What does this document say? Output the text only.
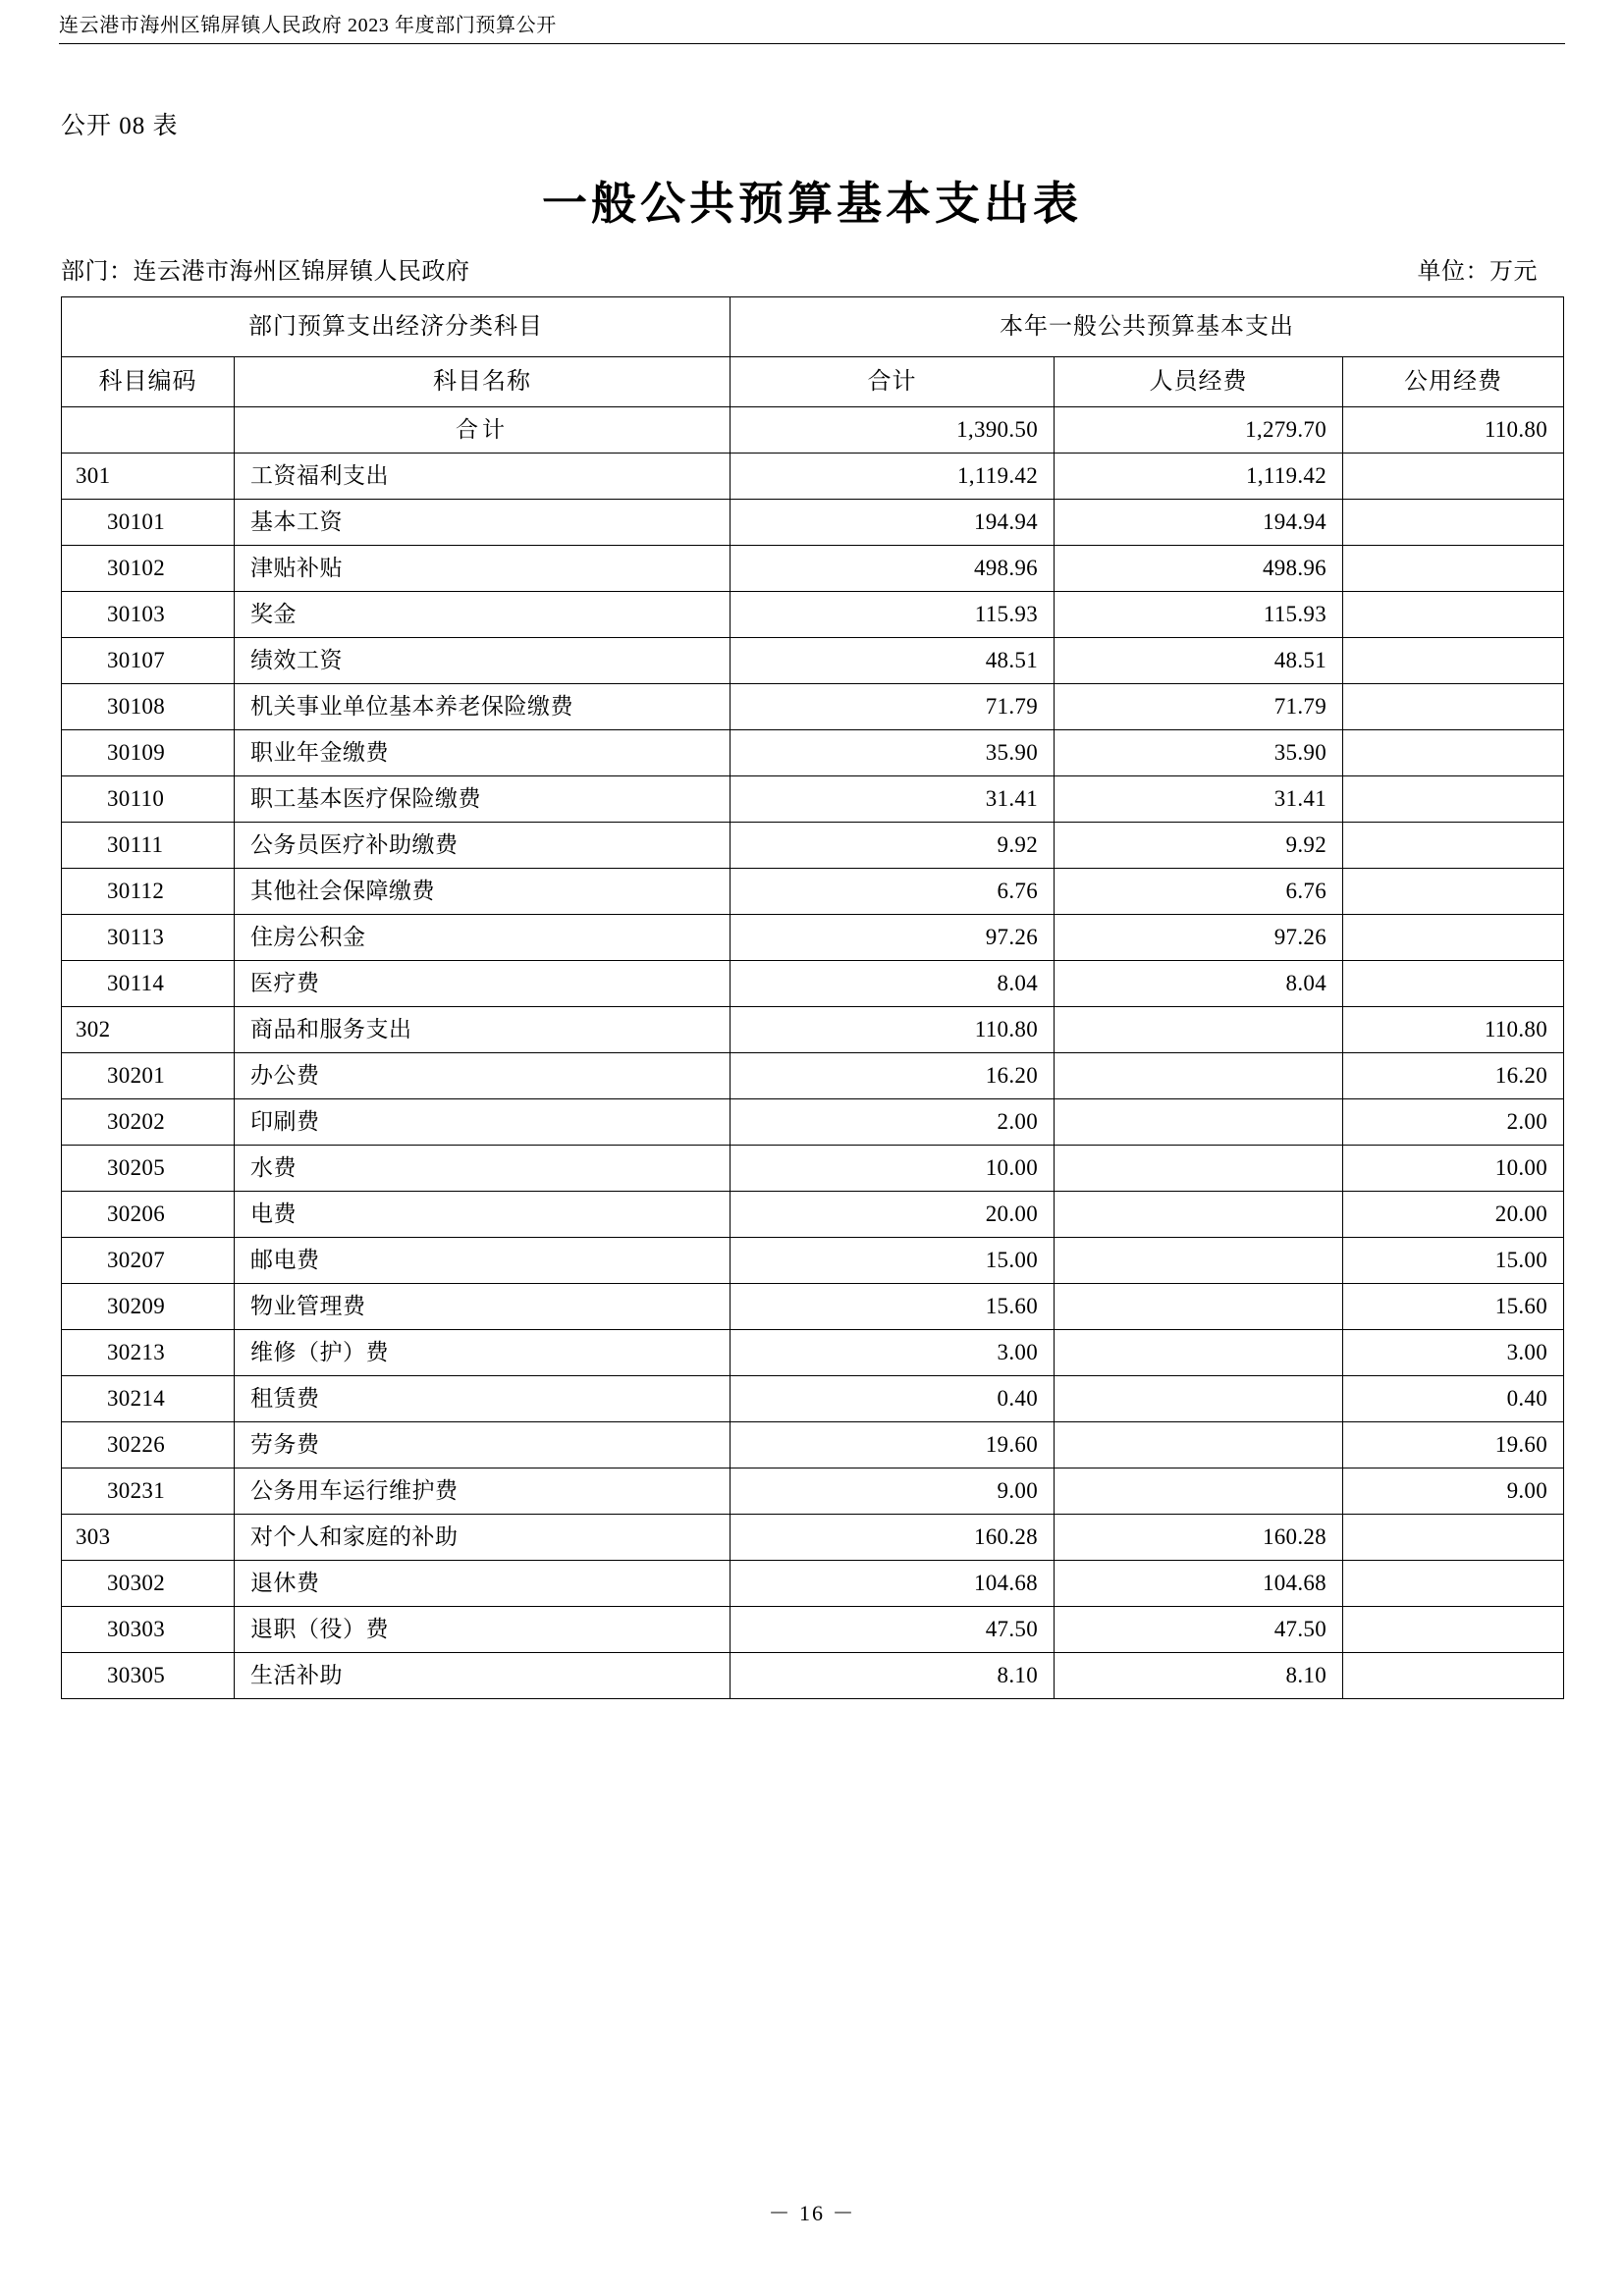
连云港市海州区锦屏镇人民政府 2023 年度部门预算公开
公开 08 表
一般公共预算基本支出表
部门：连云港市海州区锦屏镇人民政府	单位：万元
部门预算支出经济分类科目		本年一般公共预算基本支出		
科目编码	科目名称	合计	人员经费	公用经费
	合计	1,390.50	1,279.70	110.80
301	工资福利支出	1,119.42	1,119.42	
30101	基本工资	194.94	194.94	
30102	津贴补贴	498.96	498.96	
30103	奖金	115.93	115.93	
30107	绩效工资	48.51	48.51	
30108	机关事业单位基本养老保险缴费	71.79	71.79	
30109	职业年金缴费	35.90	35.90	
30110	职工基本医疗保险缴费	31.41	31.41	
30111	公务员医疗补助缴费	9.92	9.92	
30112	其他社会保障缴费	6.76	6.76	
30113	住房公积金	97.26	97.26	
30114	医疗费	8.04	8.04	
302	商品和服务支出	110.80		110.80
30201	办公费	16.20		16.20
30202	印刷费	2.00		2.00
30205	水费	10.00		10.00
30206	电费	20.00		20.00
30207	邮电费	15.00		15.00
30209	物业管理费	15.60		15.60
30213	维修（护）费	3.00		3.00
30214	租赁费	0.40		0.40
30226	劳务费	19.60		19.60
30231	公务用车运行维护费	9.00		9.00
303	对个人和家庭的补助	160.28	160.28	
30302	退休费	104.68	104.68	
30303	退职（役）费	47.50	47.50	
30305	生活补助	8.10	8.10	
－ 16 －
